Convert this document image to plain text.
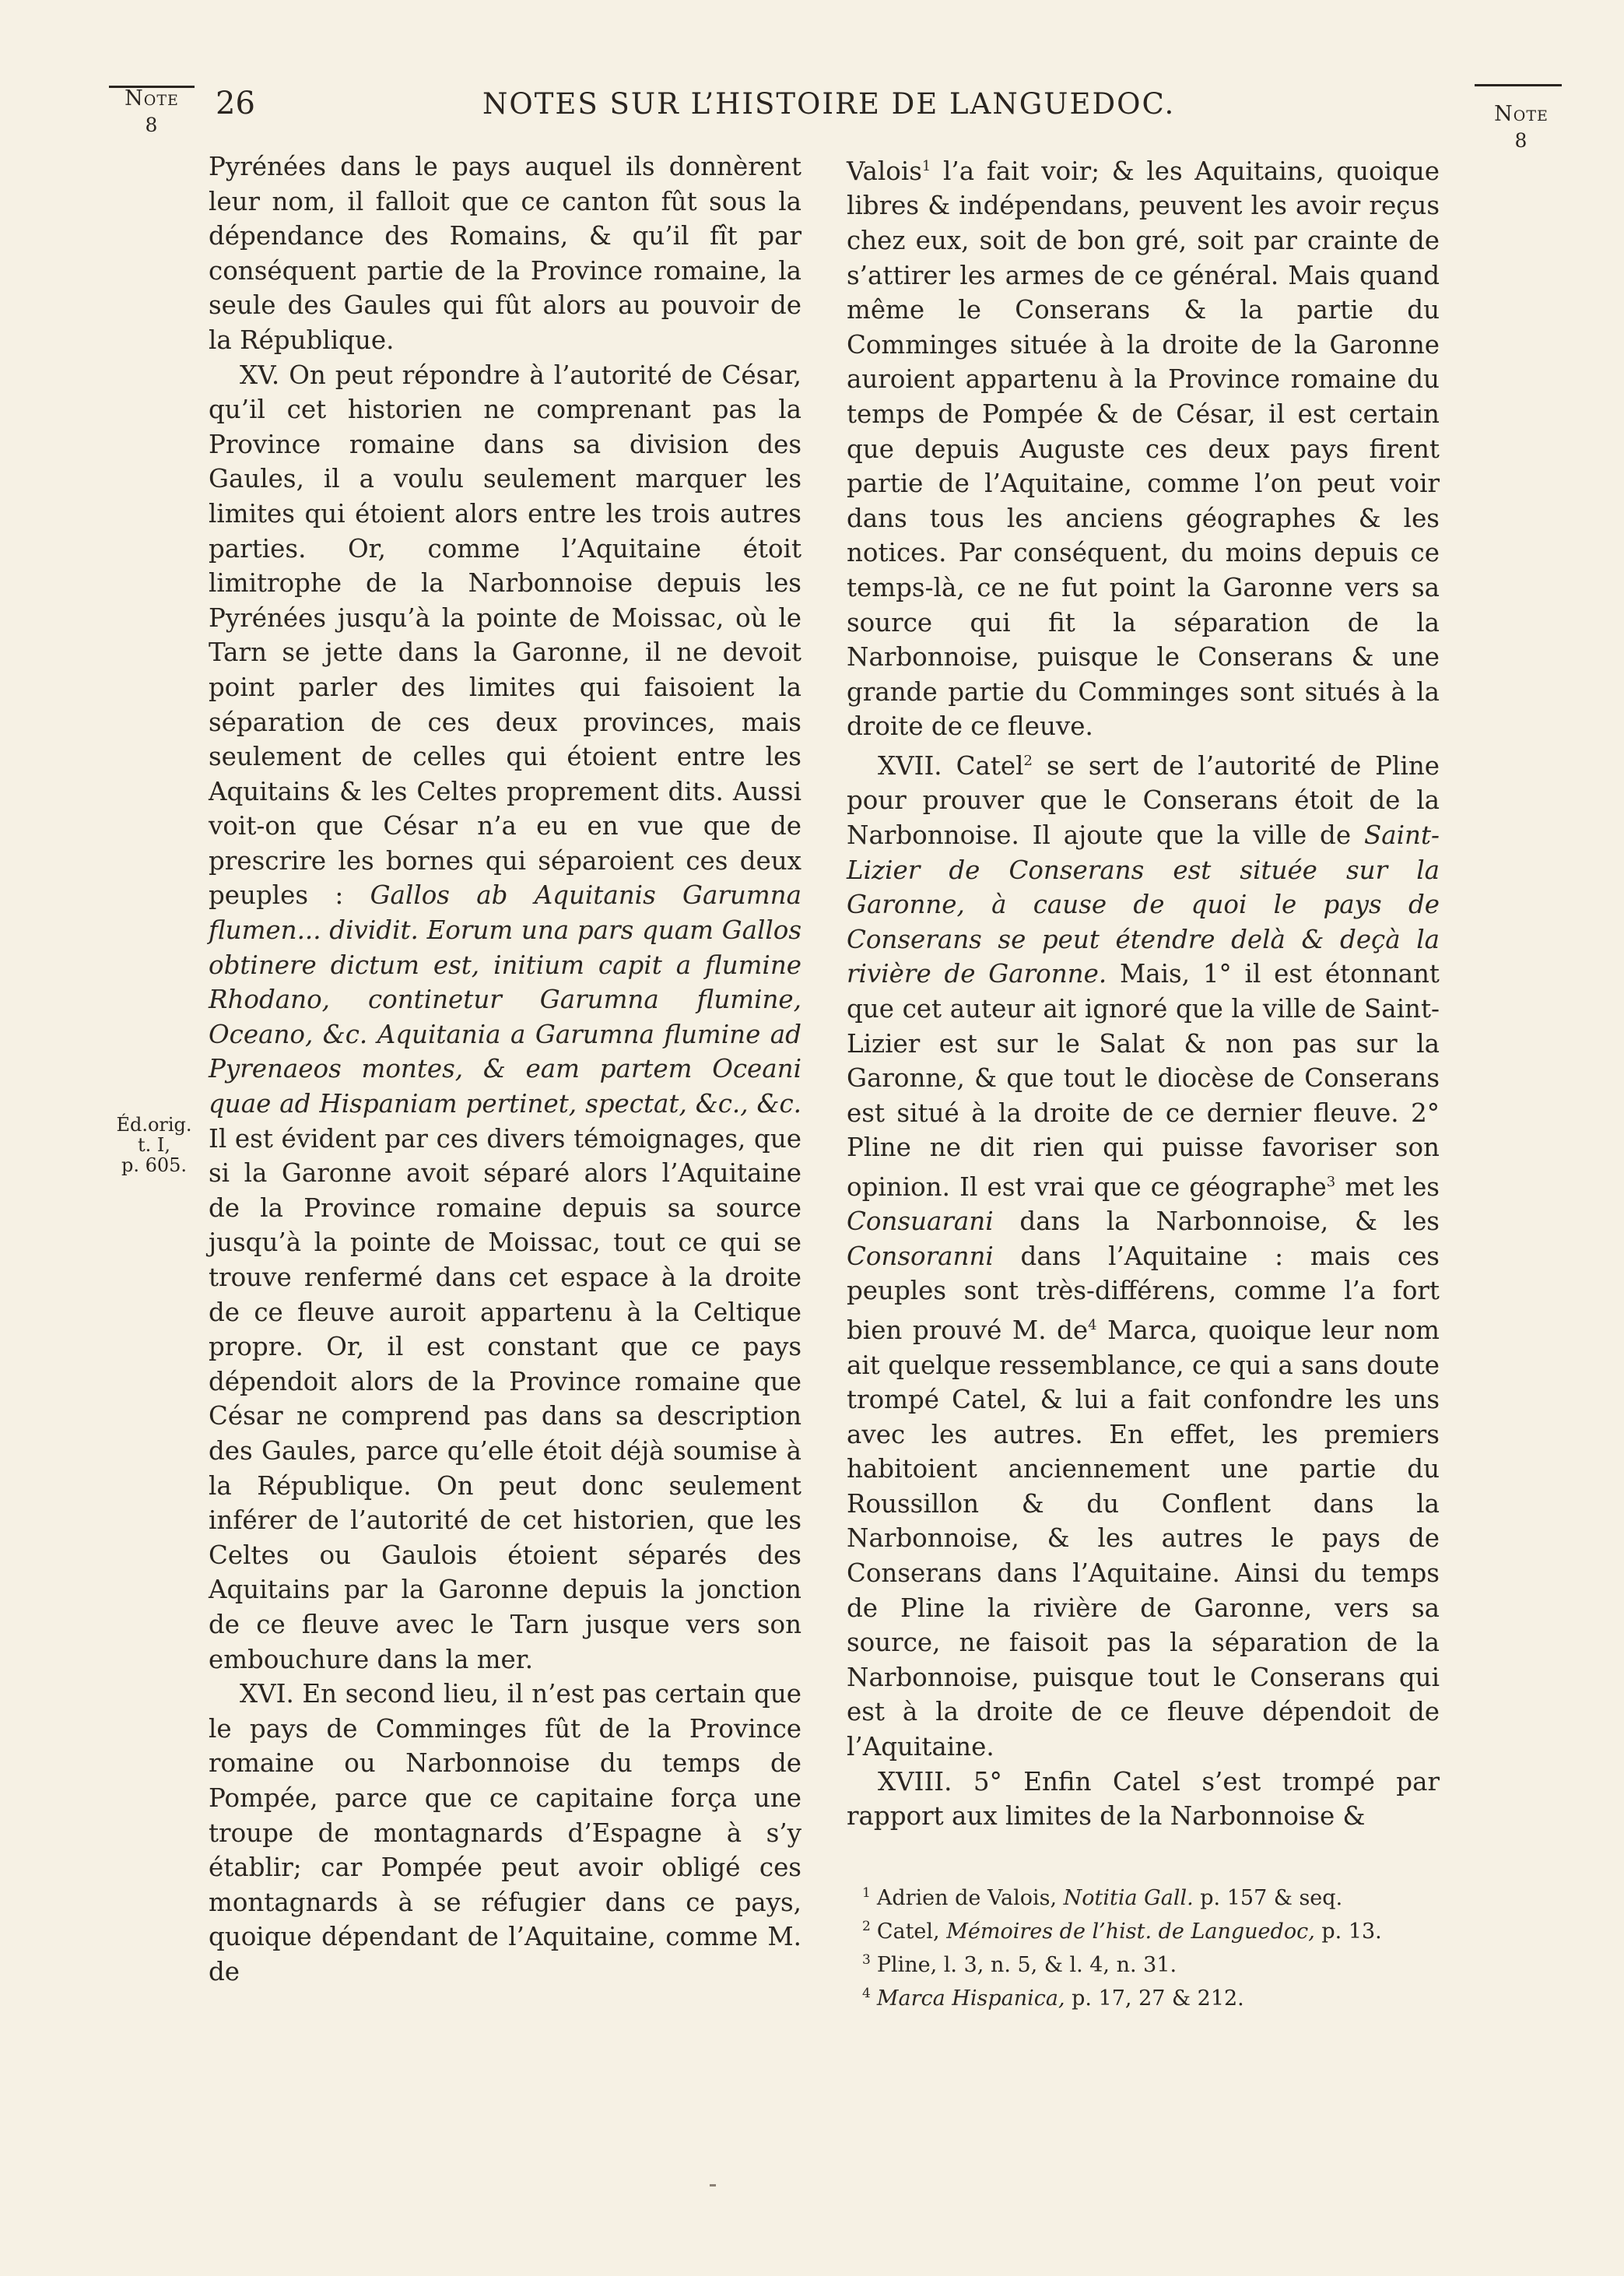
Note
8
26	NOTES SUR L’HISTOIRE DE LANGUEDOC.	Note
8
Éd.orig.
t. I,
p. 605.

Pyrénées dans le pays auquel ils donnèrent leur nom, il falloit que ce canton fût sous la dépendance des Romains, & qu’il fît par conséquent partie de la Province romaine, la seule des Gaules qui fût alors au pouvoir de la République.

XV. On peut répondre à l’autorité de César, qu’il cet historien ne comprenant pas la Province romaine dans sa division des Gaules, il a voulu seulement marquer les limites qui étoient alors entre les trois autres parties. Or, comme l’Aquitaine étoit limitrophe de la Narbonnoise depuis les Pyrénées jusqu’à la pointe de Moissac, où le Tarn se jette dans la Garonne, il ne devoit point parler des limites qui faisoient la séparation de ces deux provinces, mais seulement de celles qui étoient entre les Aquitains & les Celtes proprement dits. Aussi voit-on que César n’a eu en vue que de prescrire les bornes qui séparoient ces deux peuples : Gallos ab Aquitanis Garumna flumen... dividit. Eorum una pars quam Gallos obtinere dictum est, initium capit a flumine Rhodano, continetur Garumna flumine, Oceano, &c. Aquitania a Garumna flumine ad Pyrenaeos montes, & eam partem Oceani quae ad Hispaniam pertinet, spectat, &c., &c. Il est évident par ces divers témoignages, que si la Garonne avoit séparé alors l’Aquitaine de la Province romaine depuis sa source jusqu’à la pointe de Moissac, tout ce qui se trouve renfermé dans cet espace à la droite de ce fleuve auroit appartenu à la Celtique propre. Or, il est constant que ce pays dépendoit alors de la Province romaine que César ne comprend pas dans sa description des Gaules, parce qu’elle étoit déjà soumise à la République. On peut donc seulement inférer de l’autorité de cet historien, que les Celtes ou Gaulois étoient séparés des Aquitains par la Garonne depuis la jonction de ce fleuve avec le Tarn jusque vers son embouchure dans la mer.

XVI. En second lieu, il n’est pas certain que le pays de Comminges fût de la Province romaine ou Narbonnoise du temps de Pompée, parce que ce capitaine força une troupe de montagnards d’Espagne à s’y établir; car Pompée peut avoir obligé ces montagnards à se réfugier dans ce pays, quoique dépendant de l’Aquitaine, comme M. de

Valois$^1$ l’a fait voir; & les Aquitains, quoique libres & indépendans, peuvent les avoir reçus chez eux, soit de bon gré, soit par crainte de s’attirer les armes de ce général. Mais quand même le Conserans & la partie du Comminges située à la droite de la Garonne auroient appartenu à la Province romaine du temps de Pompée & de César, il est certain que depuis Auguste ces deux pays firent partie de l’Aquitaine, comme l’on peut voir dans tous les anciens géographes & les notices. Par conséquent, du moins depuis ce temps-là, ce ne fut point la Garonne vers sa source qui fit la séparation de la Narbonnoise, puisque le Conserans & une grande partie du Comminges sont situés à la droite de ce fleuve.

XVII. Catel$^2$ se sert de l’autorité de Pline pour prouver que le Conserans étoit de la Narbonnoise. Il ajoute que la ville de Saint-Lizier de Conserans est située sur la Garonne, à cause de quoi le pays de Conserans se peut étendre delà & deçà la rivière de Garonne. Mais, 1° il est étonnant que cet auteur ait ignoré que la ville de Saint-Lizier est sur le Salat & non pas sur la Garonne, & que tout le diocèse de Conserans est situé à la droite de ce dernier fleuve. 2° Pline ne dit rien qui puisse favoriser son opinion. Il est vrai que ce géographe$^3$ met les Consuarani dans la Narbonnoise, & les Consoranni dans l’Aquitaine : mais ces peuples sont très-différens, comme l’a fort bien prouvé M. $de^4$ Marca, quoique leur nom ait quelque ressemblance, ce qui a sans doute trompé Catel, & lui a fait confondre les uns avec les autres. En effet, les premiers habitoient anciennement une partie du Roussillon & du Conflent dans la Narbonnoise, & les autres le pays de Conserans dans l’Aquitaine. Ainsi du temps de Pline la rivière de Garonne, vers sa source, ne faisoit pas la séparation de la Narbonnoise, puisque tout le Conserans qui est à la droite de ce fleuve dépendoit de l’Aquitaine.

XVIII. 5° Enfin Catel s’est trompé par rapport aux limites de la Narbonnoise &

$^1$ Adrien de Valois, Notitia Gall. p. 157 & seq.
$^2$ Catel, Mémoires de l’hist. de Languedoc, p. 13.
$^3$ Pline, l. 3, n. 5, & l. 4, n. 31.
$^4$ Marca Hispanica, p. 17, 27 & 212.
